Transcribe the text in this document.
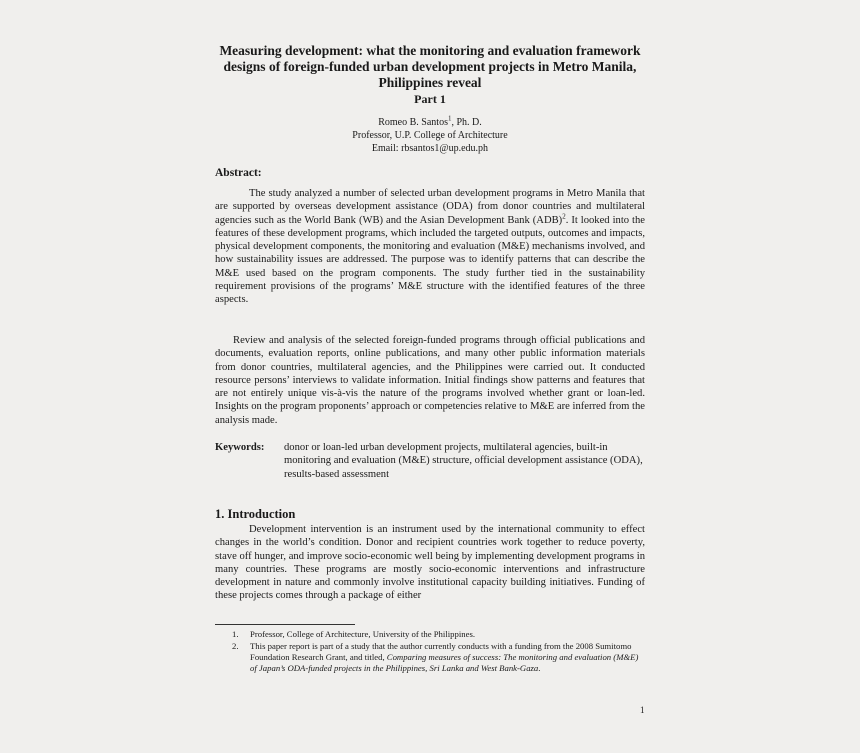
Measuring development: what the monitoring and evaluation framework
designs of foreign-funded urban development projects in Metro Manila,
Philippines reveal
Part 1
Romeo B. Santos$^1$, Ph. D.
Professor, U.P. College of Architecture
Email: rbsantos1@up.edu.ph
Abstract:

The study analyzed a number of selected urban development programs in Metro Manila that are supported by overseas development assistance (ODA) from donor countries and multilateral agencies such as the World Bank (WB) and the Asian Development Bank (ADB)$^2$. It looked into the features of these development programs, which included the targeted outputs, outcomes and impacts, physical development components, the monitoring and evaluation (M&E) mechanisms involved, and how sustainability issues are addressed. The purpose was to identify patterns that can describe the M&E used based on the program components. The study further tied in the sustainability requirement provisions of the programs’ M&E structure with the identified features of the three aspects.

Review and analysis of the selected foreign-funded programs through official publications and documents, evaluation reports, online publications, and many other public information materials from donor countries, multilateral agencies, and the Philippines were carried out. It conducted resource persons’ interviews to validate information. Initial findings show patterns and features that are not entirely unique vis-à-vis the nature of the programs involved whether grant or loan-led. Insights on the program proponents’ approach or competencies relative to M&E are inferred from the analysis made.

Keywords: donor or loan-led urban development projects, multilateral agencies, built-in monitoring and evaluation (M&E) structure, official development assistance (ODA), results-based assessment
1. Introduction

Development intervention is an instrument used by the international community to effect changes in the world’s condition. Donor and recipient countries work together to reduce poverty, stave off hunger, and improve socio-economic well being by implementing development programs in many countries. These programs are mostly socio-economic interventions and infrastructure development in nature and commonly involve institutional capacity building initiatives. Funding of these projects comes through a package of either

1. Professor, College of Architecture, University of the Philippines.
2. This paper report is part of a study that the author currently conducts with a funding from the 2008 Sumitomo Foundation Research Grant, and titled, Comparing measures of success: The monitoring and evaluation (M&E) of Japan’s ODA-funded projects in the Philippines, Sri Lanka and West Bank-Gaza.
1
